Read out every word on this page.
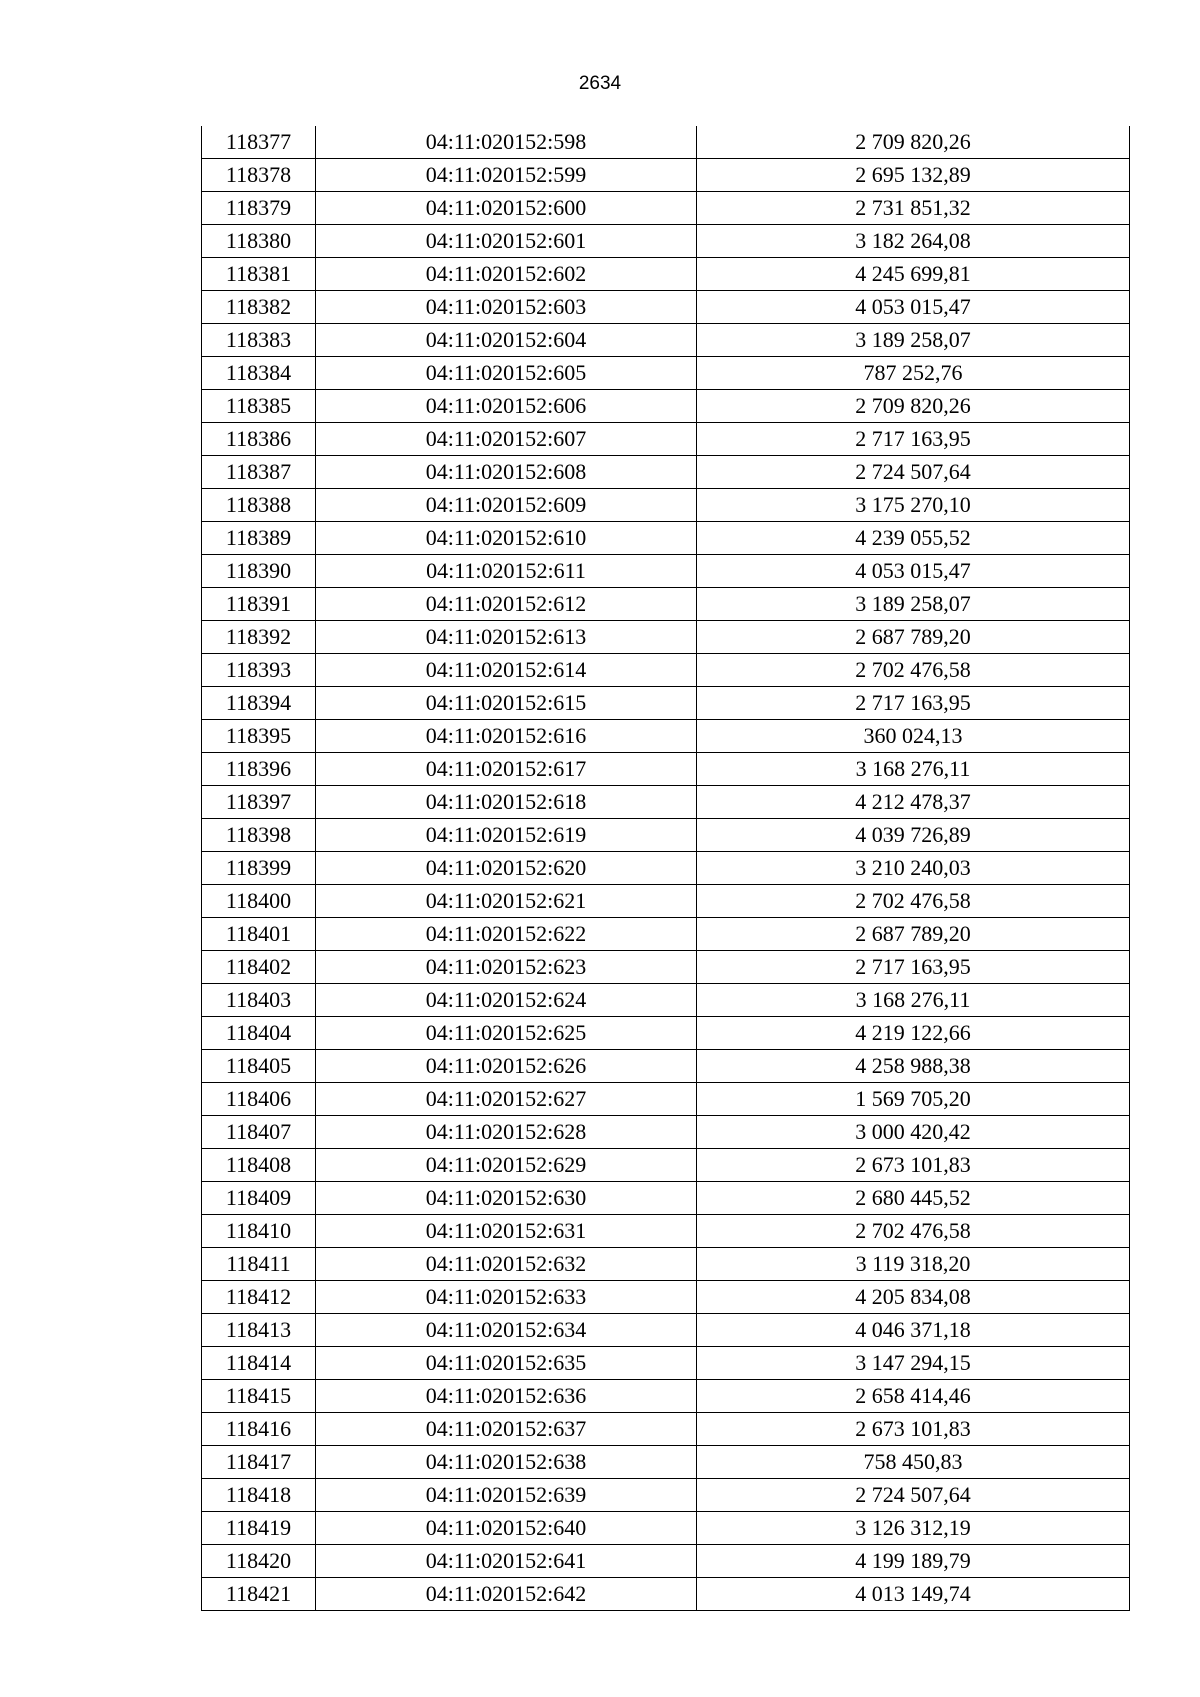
2634
118377	04:11:020152:598	2 709 820,26
118378	04:11:020152:599	2 695 132,89
118379	04:11:020152:600	2 731 851,32
118380	04:11:020152:601	3 182 264,08
118381	04:11:020152:602	4 245 699,81
118382	04:11:020152:603	4 053 015,47
118383	04:11:020152:604	3 189 258,07
118384	04:11:020152:605	787 252,76
118385	04:11:020152:606	2 709 820,26
118386	04:11:020152:607	2 717 163,95
118387	04:11:020152:608	2 724 507,64
118388	04:11:020152:609	3 175 270,10
118389	04:11:020152:610	4 239 055,52
118390	04:11:020152:611	4 053 015,47
118391	04:11:020152:612	3 189 258,07
118392	04:11:020152:613	2 687 789,20
118393	04:11:020152:614	2 702 476,58
118394	04:11:020152:615	2 717 163,95
118395	04:11:020152:616	360 024,13
118396	04:11:020152:617	3 168 276,11
118397	04:11:020152:618	4 212 478,37
118398	04:11:020152:619	4 039 726,89
118399	04:11:020152:620	3 210 240,03
118400	04:11:020152:621	2 702 476,58
118401	04:11:020152:622	2 687 789,20
118402	04:11:020152:623	2 717 163,95
118403	04:11:020152:624	3 168 276,11
118404	04:11:020152:625	4 219 122,66
118405	04:11:020152:626	4 258 988,38
118406	04:11:020152:627	1 569 705,20
118407	04:11:020152:628	3 000 420,42
118408	04:11:020152:629	2 673 101,83
118409	04:11:020152:630	2 680 445,52
118410	04:11:020152:631	2 702 476,58
118411	04:11:020152:632	3 119 318,20
118412	04:11:020152:633	4 205 834,08
118413	04:11:020152:634	4 046 371,18
118414	04:11:020152:635	3 147 294,15
118415	04:11:020152:636	2 658 414,46
118416	04:11:020152:637	2 673 101,83
118417	04:11:020152:638	758 450,83
118418	04:11:020152:639	2 724 507,64
118419	04:11:020152:640	3 126 312,19
118420	04:11:020152:641	4 199 189,79
118421	04:11:020152:642	4 013 149,74
